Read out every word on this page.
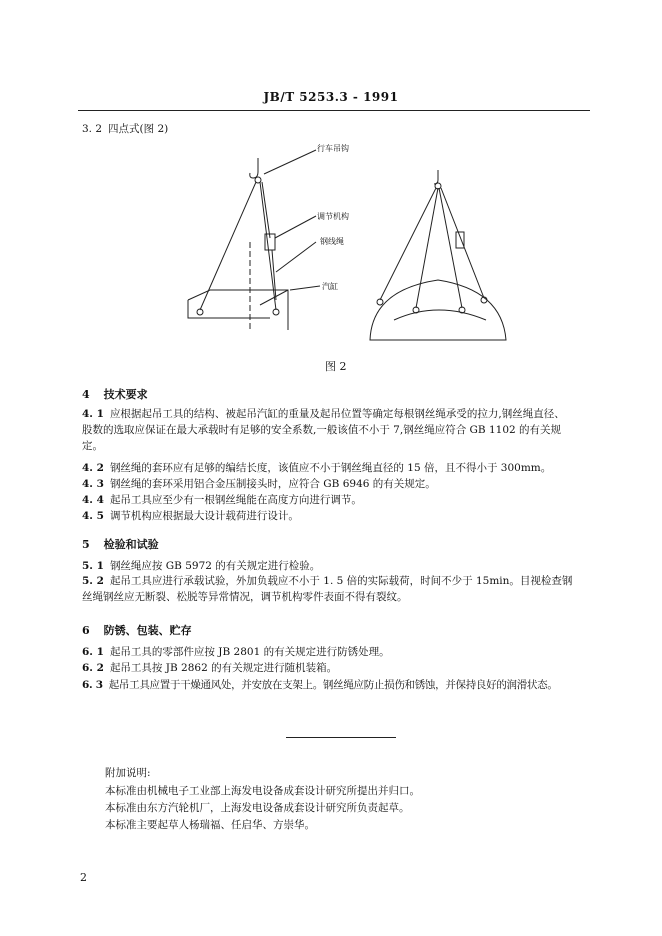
JB/T 5253.3 - 1991
3. 2 四点式(图 2)
行车吊钩
调节机构
钢线绳
汽缸
图 2
4 技术要求
4. 1 应根据起吊工具的结构、被起吊汽缸的重量及起吊位置等确定每根钢丝绳承受的拉力,钢丝绳直径、
股数的选取应保证在最大承载时有足够的安全系数,一般该值不小于 7,钢丝绳应符合 GB 1102 的有关规
定。
4. 2 钢丝绳的套环应有足够的编结长度，该值应不小于钢丝绳直径的 15 倍，且不得小于 300mm。
4. 3 钢丝绳的套环采用铝合金压制接头时，应符合 GB 6946 的有关规定。
4. 4 起吊工具应至少有一根钢丝绳能在高度方向进行调节。
4. 5 调节机构应根据最大设计载荷进行设计。
5 检验和试验
5. 1 钢丝绳应按 GB 5972 的有关规定进行检验。
5. 2 起吊工具应进行承载试验，外加负载应不小于 1. 5 倍的实际载荷，时间不少于 15min。目视检查钢
丝绳钢丝应无断裂、松脱等异常情况，调节机构零件表面不得有裂纹。
6 防锈、包装、贮存
6. 1 起吊工具的零部件应按 JB 2801 的有关规定进行防锈处理。
6. 2 起吊工具按 JB 2862 的有关规定进行随机装箱。
6. 3 起吊工具应置于干燥通风处，并安放在支架上。钢丝绳应防止损伤和锈蚀，并保持良好的润滑状态。
附加说明:
本标准由机械电子工业部上海发电设备成套设计研究所提出并归口。
本标准由东方汽轮机厂，上海发电设备成套设计研究所负责起草。
本标准主要起草人杨瑞福、任启华、方崇华。
2
